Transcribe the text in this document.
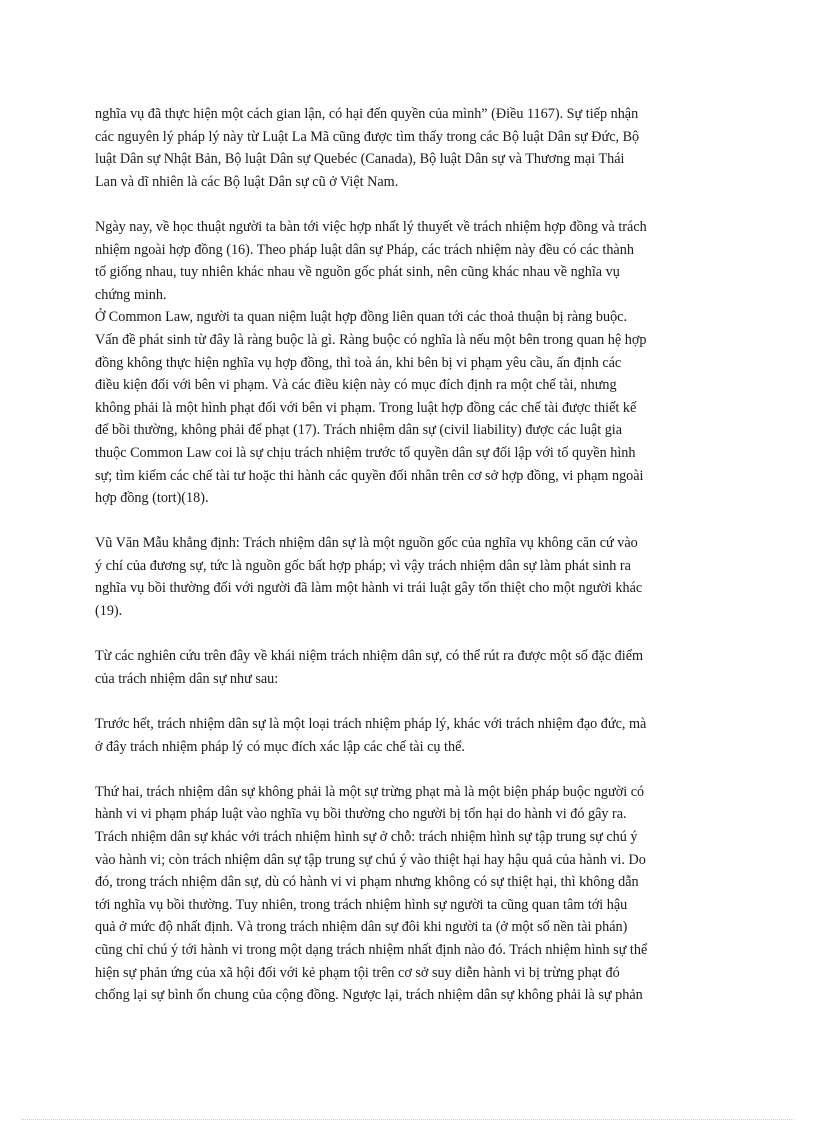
nghĩa vụ đã thực hiện một cách gian lận, có hại đến quyền của mình” (Điều 1167). Sự tiếp nhận
các nguyên lý pháp lý này từ Luật La Mã cũng được tìm thấy trong các Bộ luật Dân sự Đức, Bộ
luật Dân sự Nhật Bản, Bộ luật Dân sự Quebéc (Canada), Bộ luật Dân sự và Thương mại Thái
Lan và dĩ nhiên là các Bộ luật Dân sự cũ ở Việt Nam.

Ngày nay, về học thuật người ta bàn tới việc hợp nhất lý thuyết về trách nhiệm hợp đồng và trách
nhiệm ngoài hợp đồng (16). Theo pháp luật dân sự Pháp, các trách nhiệm này đều có các thành
tố giống nhau, tuy nhiên khác nhau về nguồn gốc phát sinh, nên cũng khác nhau về nghĩa vụ
chứng minh.

Ở Common Law, người ta quan niệm luật hợp đồng liên quan tới các thoả thuận bị ràng buộc.
Vấn đề phát sinh từ đây là ràng buộc là gì. Ràng buộc có nghĩa là nếu một bên trong quan hệ hợp
đồng không thực hiện nghĩa vụ hợp đồng, thì toà án, khi bên bị vi phạm yêu cầu, ấn định các
điều kiện đối với bên vi phạm. Và các điều kiện này có mục đích định ra một chế tài, nhưng
không phải là một hình phạt đối với bên vi phạm. Trong luật hợp đồng các chế tài được thiết kế
để bồi thường, không phải để phạt (17). Trách nhiệm dân sự (civil liability) được các luật gia
thuộc Common Law coi là sự chịu trách nhiệm trước tố quyền dân sự đối lập với tố quyền hình
sự; tìm kiếm các chế tài tư hoặc thi hành các quyền đối nhân trên cơ sở hợp đồng, vi phạm ngoài
hợp đồng (tort)(18).

Vũ Văn Mẫu khẳng định: Trách nhiệm dân sự là một nguồn gốc của nghĩa vụ không căn cứ vào
ý chí của đương sự, tức là nguồn gốc bất hợp pháp; vì vậy trách nhiệm dân sự làm phát sinh ra
nghĩa vụ bồi thường đối với người đã làm một hành vi trái luật gây tổn thiệt cho một người khác
(19).

Từ các nghiên cứu trên đây về khái niệm trách nhiệm dân sự, có thể rút ra được một số đặc điểm
của trách nhiệm dân sự như sau:

Trước hết, trách nhiệm dân sự là một loại trách nhiệm pháp lý, khác với trách nhiệm đạo đức, mà
ở đây trách nhiệm pháp lý có mục đích xác lập các chế tài cụ thể.

Thứ hai, trách nhiệm dân sự không phải là một sự trừng phạt mà là một biện pháp buộc người có
hành vi vi phạm pháp luật vào nghĩa vụ bồi thường cho người bị tổn hại do hành vi đó gây ra.
Trách nhiệm dân sự khác với trách nhiệm hình sự ở chỗ: trách nhiệm hình sự tập trung sự chú ý
vào hành vi; còn trách nhiệm dân sự tập trung sự chú ý vào thiệt hại hay hậu quả của hành vi. Do
đó, trong trách nhiệm dân sự, dù có hành vi vi phạm nhưng không có sự thiệt hại, thì không dẫn
tới nghĩa vụ bồi thường. Tuy nhiên, trong trách nhiệm hình sự người ta cũng quan tâm tới hậu
quả ở mức độ nhất định. Và trong trách nhiệm dân sự đôi khi người ta (ở một số nền tài phán)
cũng chỉ chú ý tới hành vi trong một dạng trách nhiệm nhất định nào đó. Trách nhiệm hình sự thể
hiện sự phản ứng của xã hội đối với kẻ phạm tội trên cơ sở suy diễn hành vi bị trừng phạt đó
chống lại sự bình ổn chung của cộng đồng. Ngược lại, trách nhiệm dân sự không phải là sự phản
